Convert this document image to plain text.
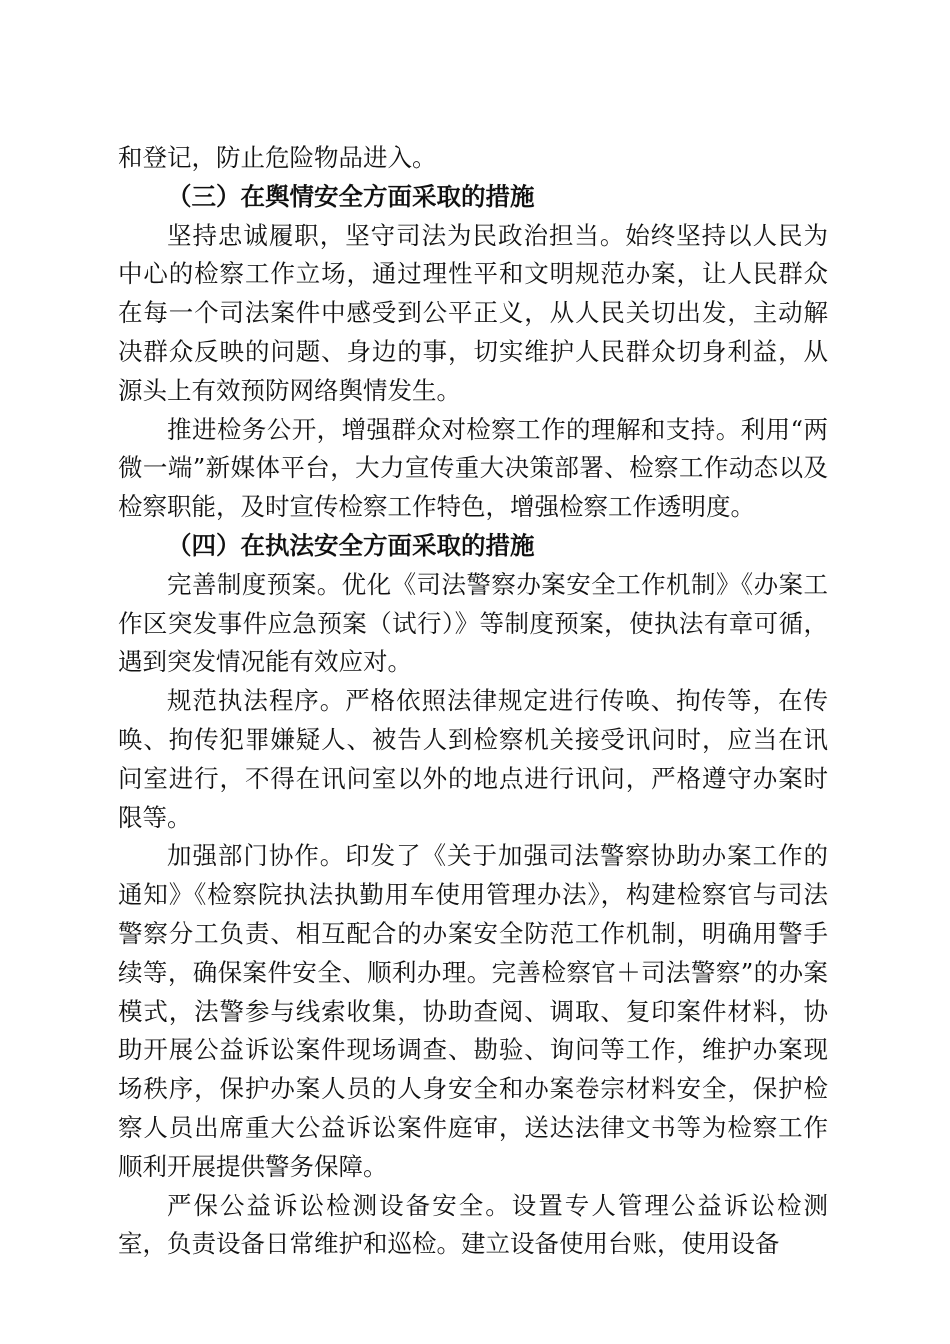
和登记，防止危险物品进入。

（三）在舆情安全方面采取的措施

坚持忠诚履职，坚守司法为民政治担当。始终坚持以人民为中心的检察工作立场，通过理性平和文明规范办案，让人民群众在每一个司法案件中感受到公平正义，从人民关切出发，主动解决群众反映的问题、身边的事，切实维护人民群众切身利益，从源头上有效预防网络舆情发生。

推进检务公开，增强群众对检察工作的理解和支持。利用“两微一端”新媒体平台，大力宣传重大决策部署、检察工作动态以及检察职能，及时宣传检察工作特色，增强检察工作透明度。

（四）在执法安全方面采取的措施

完善制度预案。优化《司法警察办案安全工作机制》《办案工作区突发事件应急预案（试行）》等制度预案，使执法有章可循，遇到突发情况能有效应对。

规范执法程序。严格依照法律规定进行传唤、拘传等，在传唤、拘传犯罪嫌疑人、被告人到检察机关接受讯问时，应当在讯问室进行，不得在讯问室以外的地点进行讯问，严格遵守办案时限等。

加强部门协作。印发了《关于加强司法警察协助办案工作的通知》《检察院执法执勤用车使用管理办法》，构建检察官与司法警察分工负责、相互配合的办案安全防范工作机制，明确用警手续等，确保案件安全、顺利办理。完善检察官＋司法警察”的办案模式，法警参与线索收集，协助查阅、调取、复印案件材料，协助开展公益诉讼案件现场调查、勘验、询问等工作，维护办案现场秩序，保护办案人员的人身安全和办案卷宗材料安全，保护检察人员出席重大公益诉讼案件庭审，送达法律文书等为检察工作顺利开展提供警务保障。

严保公益诉讼检测设备安全。设置专人管理公益诉讼检测室，负责设备日常维护和巡检。建立设备使用台账，使用设备
